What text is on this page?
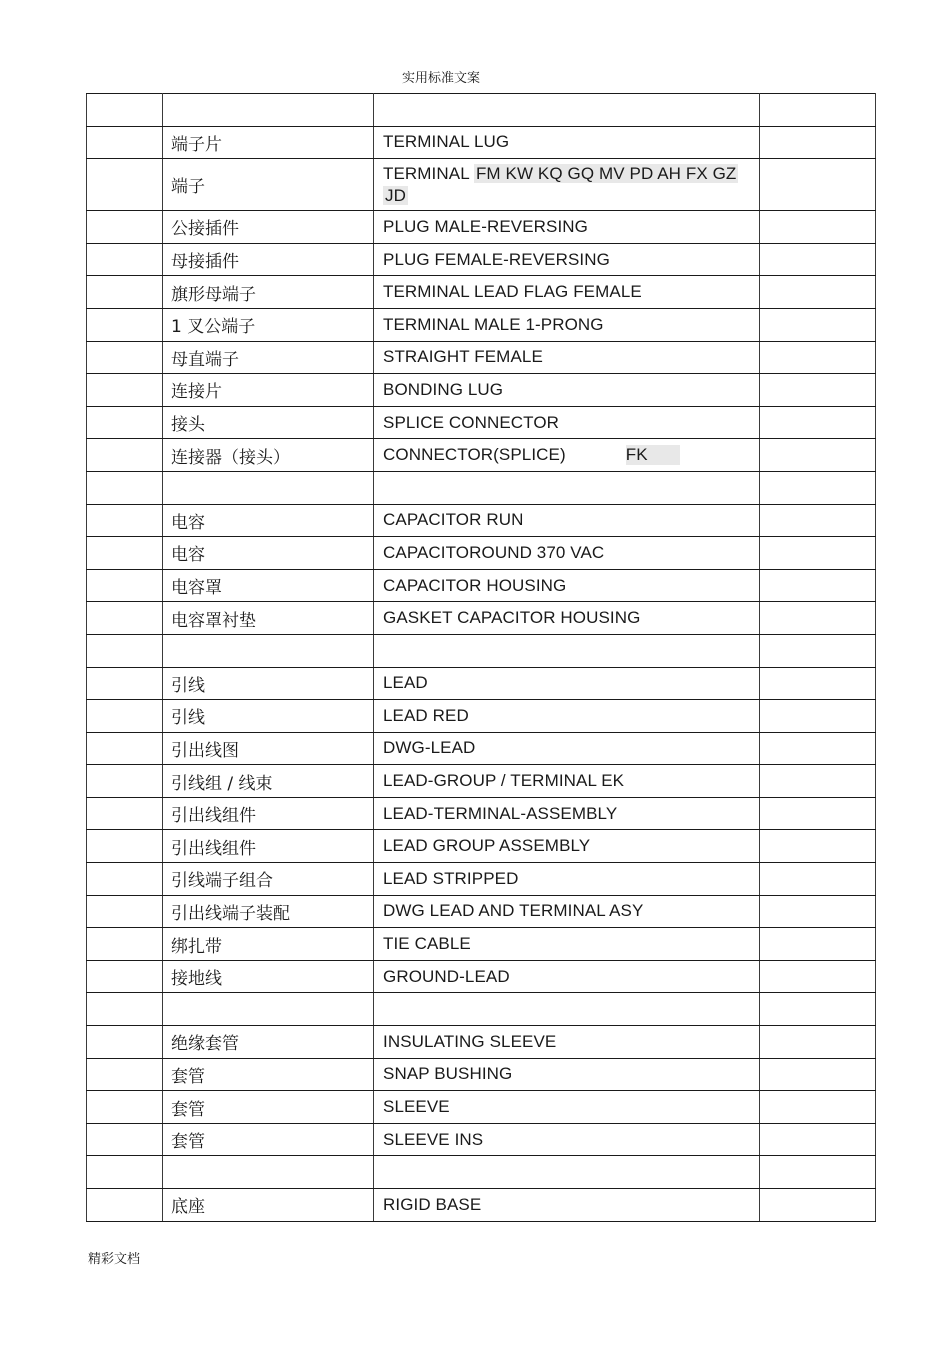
实用标准文案

	端子片	TERMINAL LUG	
	端子	TERMINAL FM KW KQ GQ MV PD AH FX GZ
JD	
	公接插件	PLUG MALE-REVERSING	
	母接插件	PLUG FEMALE-REVERSING	
	旗形母端子	TERMINAL LEAD FLAG FEMALE	
	1 叉公端子	TERMINAL MALE 1-PRONG	
	母直端子	STRAIGHT FEMALE	
	连接片	BONDING LUG	
	接头	SPLICE CONNECTOR	
	连接器（接头）	CONNECTOR(SPLICE) FK	

	电容	CAPACITOR RUN	
	电容	CAPACITOROUND 370 VAC	
	电容罩	CAPACITOR HOUSING	
	电容罩衬垫	GASKET CAPACITOR HOUSING	

	引线	LEAD	
	引线	LEAD RED	
	引出线图	DWG-LEAD	
	引线组 / 线束	LEAD-GROUP / TERMINAL EK	
	引出线组件	LEAD-TERMINAL-ASSEMBLY	
	引出线组件	LEAD GROUP ASSEMBLY	
	引线端子组合	LEAD STRIPPED	
	引出线端子装配	DWG LEAD AND TERMINAL ASY	
	绑扎带	TIE CABLE	
	接地线	GROUND-LEAD	

	绝缘套管	INSULATING SLEEVE	
	套管	SNAP BUSHING	
	套管	SLEEVE	
	套管	SLEEVE INS	

	底座	RIGID BASE	
精彩文档
